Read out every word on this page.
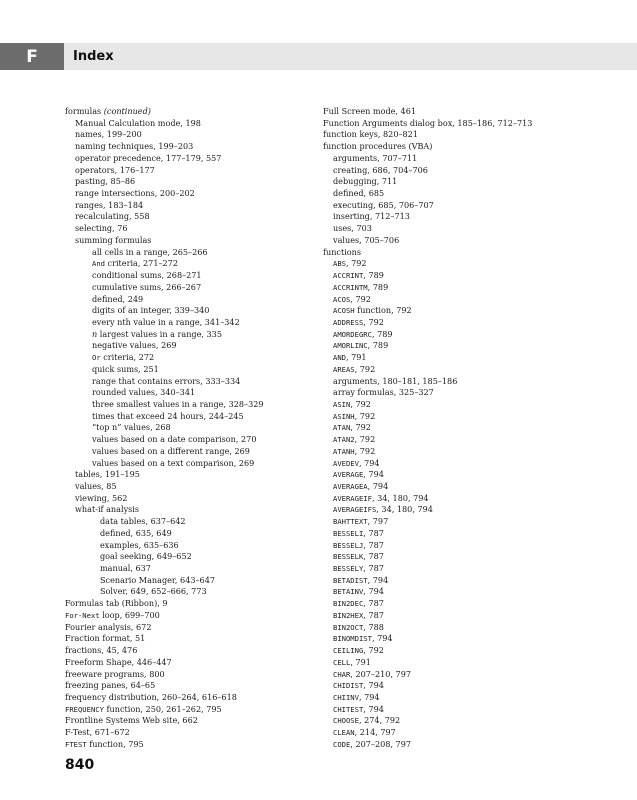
F	Index
formulas (continued)
Manual Calculation mode, 198
names, 199–200
naming techniques, 199–203
operator precedence, 177–179, 557
operators, 176–177
pasting, 85–86
range intersections, 200–202
ranges, 183–184
recalculating, 558
selecting, 76
summing formulas
all cells in a range, 265–266
And criteria, 271–272
conditional sums, 268–271
cumulative sums, 266–267
defined, 249
digits of an integer, 339–340
every nth value in a range, 341–342
n largest values in a range, 335
negative values, 269
Or criteria, 272
quick sums, 251
range that contains errors, 333–334
rounded values, 340–341
three smallest values in a range, 328–329
times that exceed 24 hours, 244–245
“top n” values, 268
values based on a date comparison, 270
values based on a different range, 269
values based on a text comparison, 269
tables, 191–195
values, 85
viewing, 562
what-if analysis
data tables, 637–642
defined, 635, 649
examples, 635–636
goal seeking, 649–652
manual, 637
Scenario Manager, 643–647
Solver, 649, 652–666, 773
Formulas tab (Ribbon), 9
For-Next loop, 699–700
Fourier analysis, 672
Fraction format, 51
fractions, 45, 476
Freeform Shape, 446–447
freeware programs, 800
freezing panes, 64–65
frequency distribution, 260–264, 616–618
FREQUENCY function, 250, 261–262, 795
Frontline Systems Web site, 662
F-Test, 671–672
FTEST function, 795
Full Screen mode, 461
Function Arguments dialog box, 185–186, 712–713
function keys, 820–821
function procedures (VBA)
arguments, 707–711
creating, 686, 704–706
debugging, 711
defined, 685
executing, 685, 706–707
inserting, 712–713
uses, 703
values, 705–706
functions
ABS, 792
ACCRINT, 789
ACCRINTM, 789
ACOS, 792
ACOSH function, 792
ADDRESS, 792
AMORDEGRC, 789
AMORLINC, 789
AND, 791
AREAS, 792
arguments, 180–181, 185–186
array formulas, 325–327
ASIN, 792
ASINH, 792
ATAN, 792
ATAN2, 792
ATANH, 792
AVEDEV, 794
AVERAGE, 794
AVERAGEA, 794
AVERAGEIF, 34, 180, 794
AVERAGEIFS, 34, 180, 794
BAHTTEXT, 797
BESSELI, 787
BESSELJ, 787
BESSELK, 787
BESSELY, 787
BETADIST, 794
BETAINV, 794
BIN2DEC, 787
BIN2HEX, 787
BIN2OCT, 788
BINOMDIST, 794
CEILING, 792
CELL, 791
CHAR, 207–210, 797
CHIDIST, 794
CHIINV, 794
CHITEST, 794
CHOOSE, 274, 792
CLEAN, 214, 797
CODE, 207–208, 797
840
